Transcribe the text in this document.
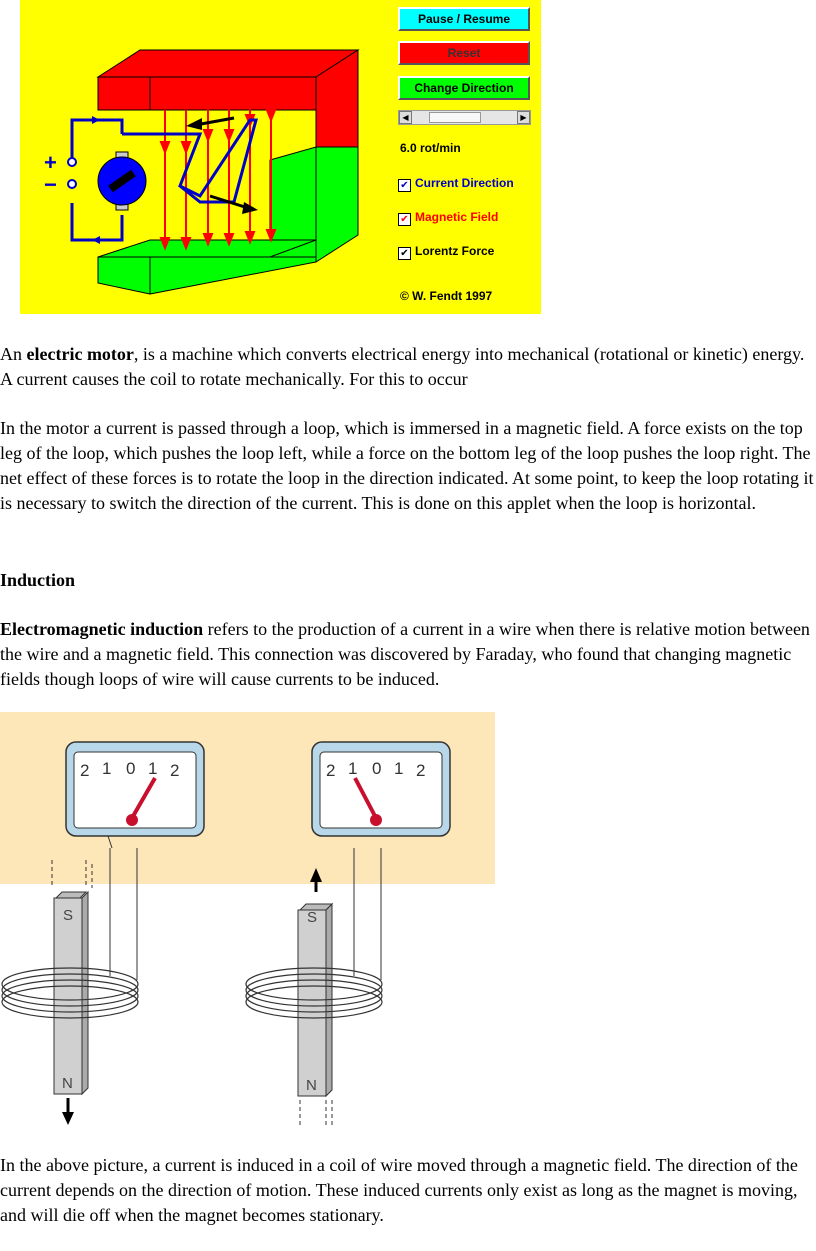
+
−
Pause / Resume
Reset
Change Direction
◀	▶
6.0 rot/min
✔ Current Direction
✔ Magnetic Field
✔ Lorentz Force
© W. Fendt 1997

An electric motor, is a machine which converts electrical energy into mechanical (rotational or kinetic) energy. A current causes the coil to rotate mechanically. For this to occur

In the motor a current is passed through a loop, which is immersed in a magnetic field. A force exists on the top leg of the loop, which pushes the loop left, while a force on the bottom leg of the loop pushes the loop right. The net effect of these forces is to rotate the loop in the direction indicated. At some point, to keep the loop rotating it is necessary to switch the direction of the current. This is done on this applet when the loop is horizontal.

Induction

Electromagnetic induction refers to the production of a current in a wire when there is relative motion between the wire and a magnetic field. This connection was discovered by Faraday, who found that changing magnetic fields though loops of wire will cause currents to be induced.

2 1 0 1 2
S
N
2 1 0 1 2
S
N

In the above picture, a current is induced in a coil of wire moved through a magnetic field. The direction of the current depends on the direction of motion. These induced currents only exist as long as the magnet is moving, and will die off when the magnet becomes stationary.
